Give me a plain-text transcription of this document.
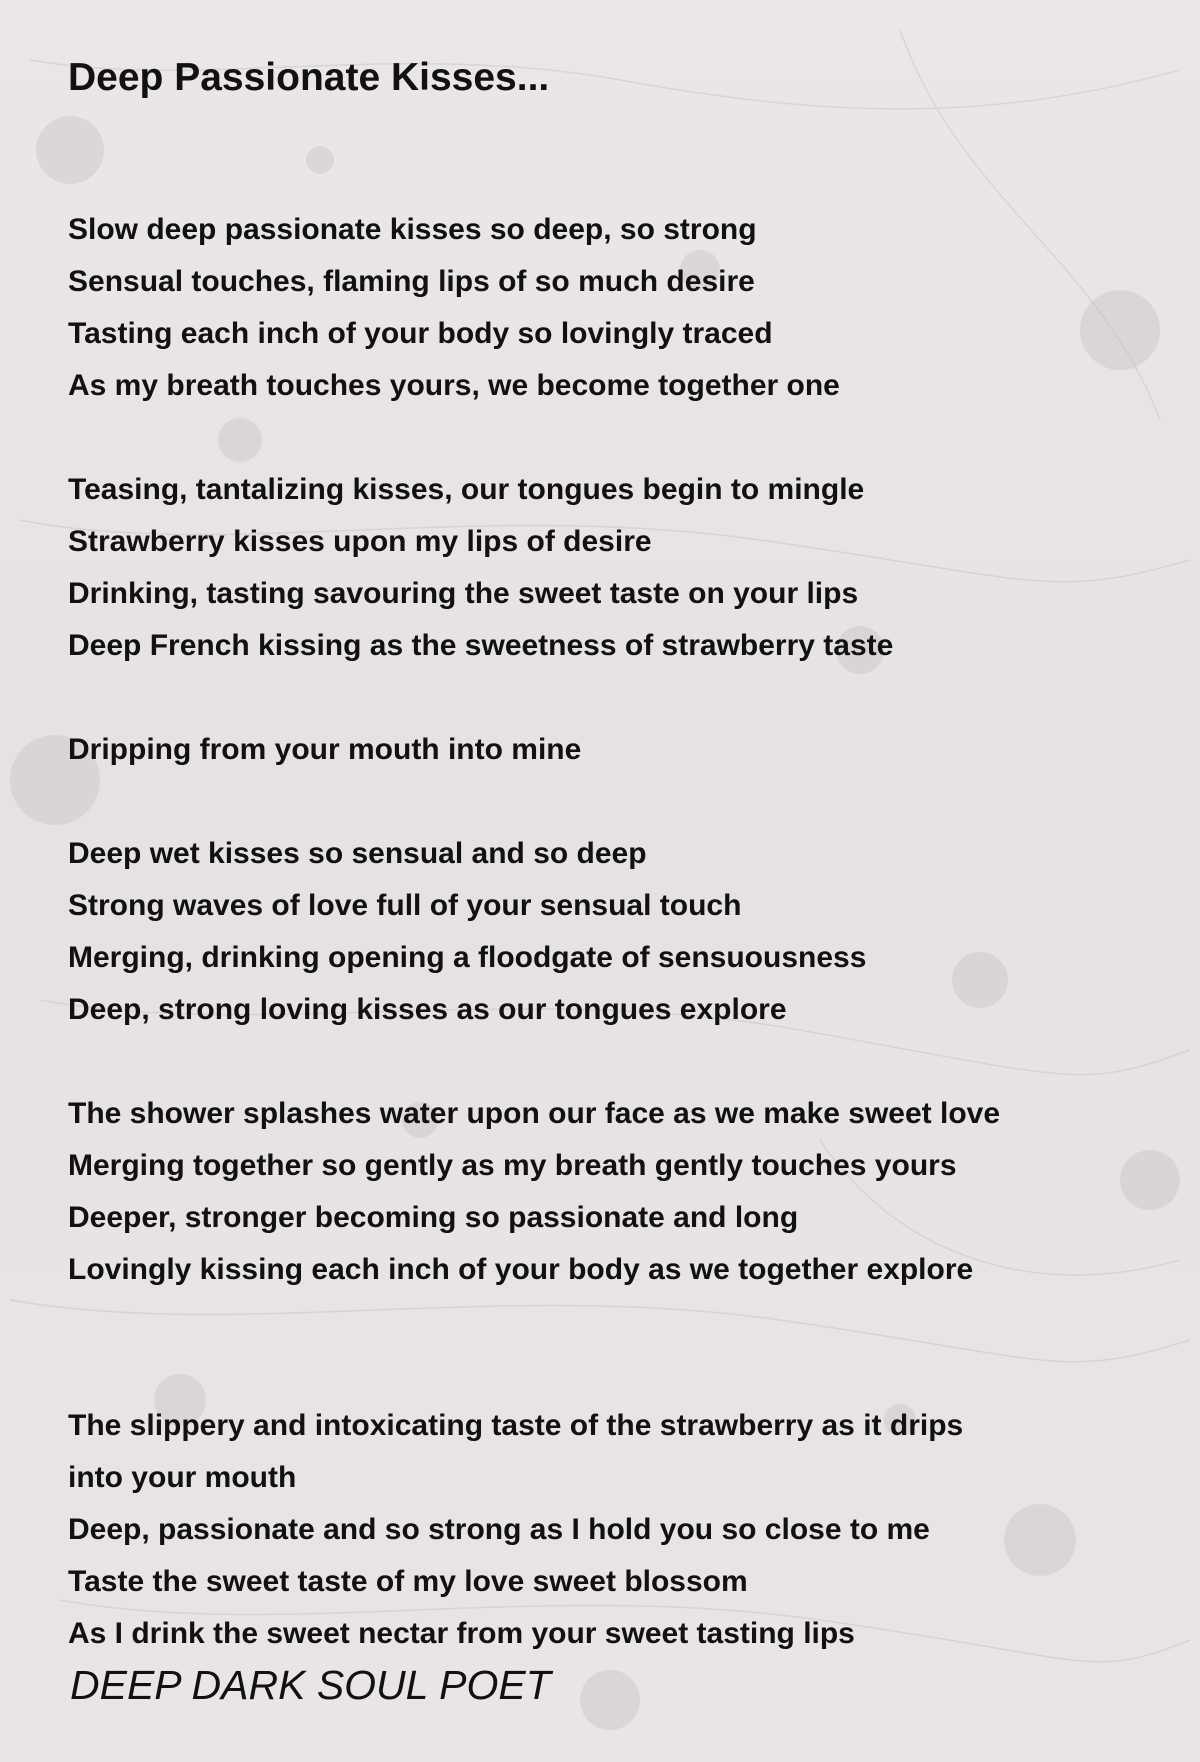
Deep Passionate Kisses...
Slow deep passionate kisses so deep, so strong
Sensual touches, flaming lips of so much desire
Tasting each inch of your body so lovingly traced
As my breath touches yours, we become together one
Teasing, tantalizing kisses, our tongues begin to mingle
Strawberry kisses upon my lips of desire
Drinking, tasting savouring the sweet taste on your lips
Deep French kissing as the sweetness of strawberry taste
Dripping from your mouth into mine
Deep wet kisses so sensual and so deep
Strong waves of love full of your sensual touch
Merging, drinking opening a floodgate of sensuousness
Deep, strong loving kisses as our tongues explore
The shower splashes water upon our face as we make sweet love
Merging together so gently as my breath gently touches yours
Deeper, stronger becoming so passionate and long
Lovingly kissing each inch of your body as we together explore
The slippery and intoxicating taste of the strawberry as it drips
into your mouth
Deep, passionate and so strong as I hold you so close to me
Taste the sweet taste of my love sweet blossom
As I drink the sweet nectar from your sweet tasting lips
DEEP DARK SOUL POET
